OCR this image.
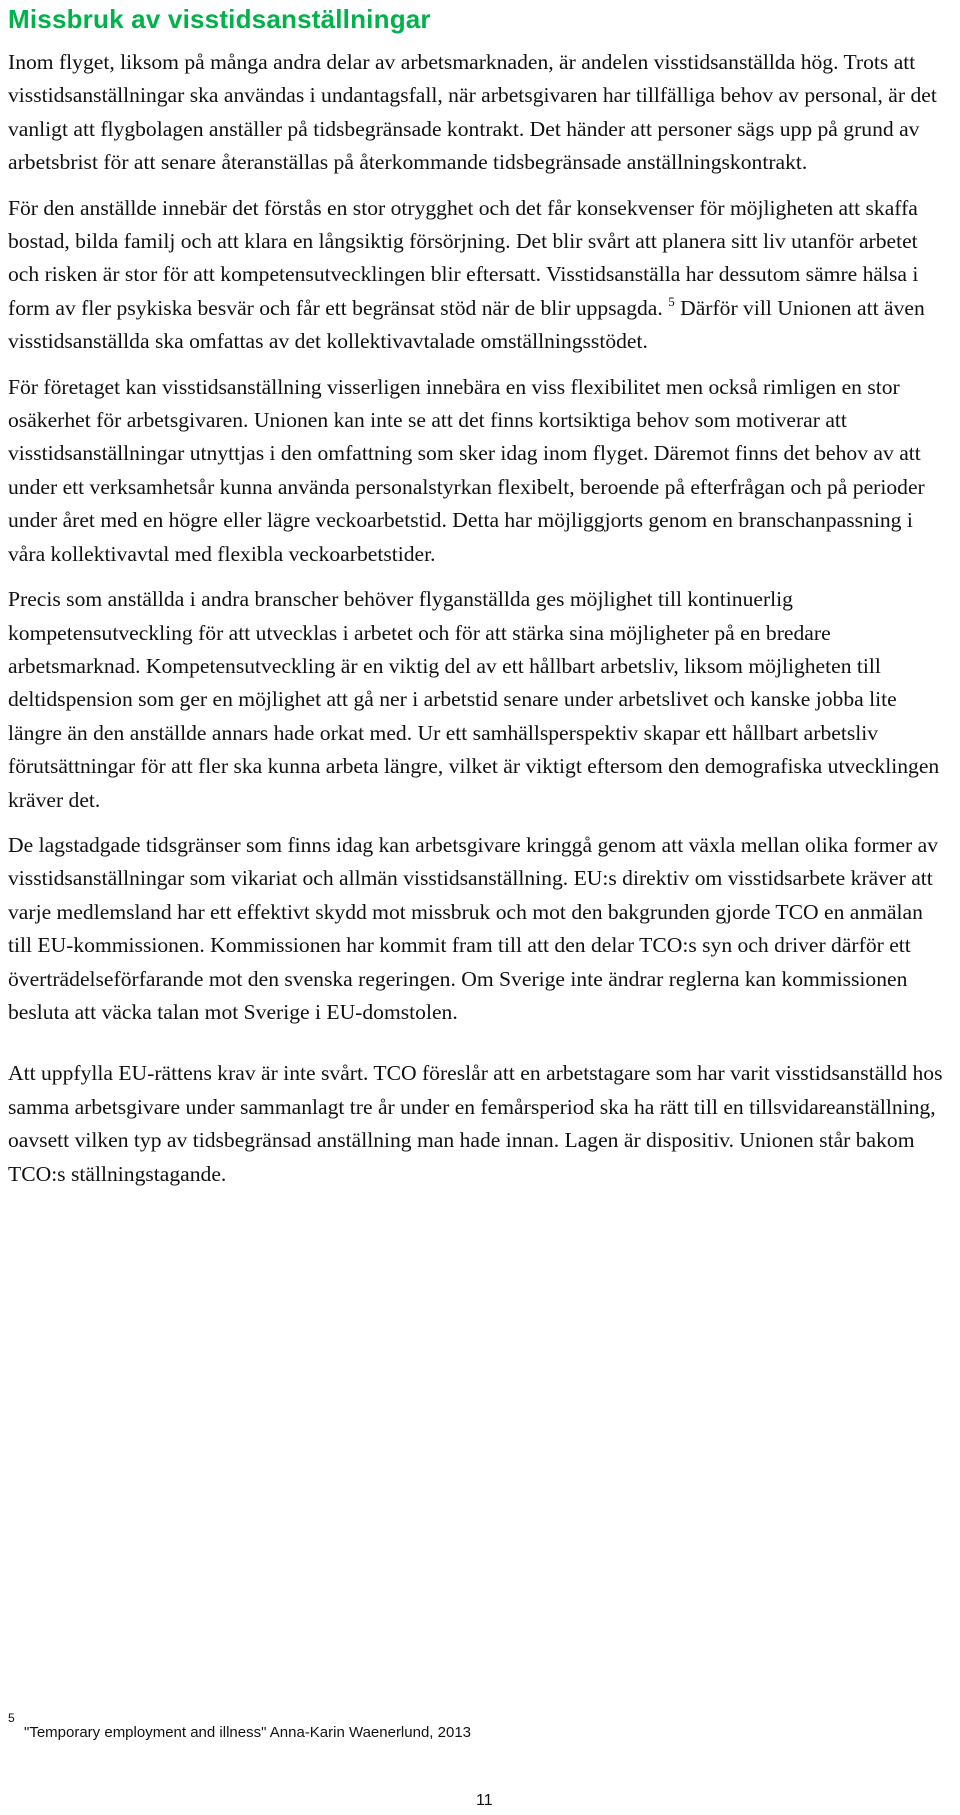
Missbruk av visstidsanställningar

Inom flyget, liksom på många andra delar av arbetsmarknaden, är andelen visstidsanställda hög. Trots att visstidsanställningar ska användas i undantagsfall, när arbetsgivaren har tillfälliga behov av personal, är det vanligt att flygbolagen anställer på tidsbegränsade kontrakt. Det händer att personer sägs upp på grund av arbetsbrist för att senare återanställas på återkommande tidsbegränsade anställningskontrakt.

För den anställde innebär det förstås en stor otrygghet och det får konsekvenser för möjligheten att skaffa bostad, bilda familj och att klara en långsiktig försörjning. Det blir svårt att planera sitt liv utanför arbetet och risken är stor för att kompetensutvecklingen blir eftersatt. Visstidsanställa har dessutom sämre hälsa i form av fler psykiska besvär och får ett begränsat stöd när de blir uppsagda. $^5$ Därför vill Unionen att även visstidsanställda ska omfattas av det kollektivavtalade omställningsstödet.

För företaget kan visstidsanställning visserligen innebära en viss flexibilitet men också rimligen en stor osäkerhet för arbetsgivaren. Unionen kan inte se att det finns kortsiktiga behov som motiverar att visstidsanställningar utnyttjas i den omfattning som sker idag inom flyget. Däremot finns det behov av att under ett verksamhetsår kunna använda personalstyrkan flexibelt, beroende på efterfrågan och på perioder under året med en högre eller lägre veckoarbetstid. Detta har möjliggjorts genom en branschanpassning i våra kollektivavtal med flexibla veckoarbetstider.

Precis som anställda i andra branscher behöver flyganställda ges möjlighet till kontinuerlig kompetensutveckling för att utvecklas i arbetet och för att stärka sina möjligheter på en bredare arbetsmarknad. Kompetensutveckling är en viktig del av ett hållbart arbetsliv, liksom möjligheten till deltidspension som ger en möjlighet att gå ner i arbetstid senare under arbetslivet och kanske jobba lite längre än den anställde annars hade orkat med. Ur ett samhällsperspektiv skapar ett hållbart arbetsliv förutsättningar för att fler ska kunna arbeta längre, vilket är viktigt eftersom den demografiska utvecklingen kräver det.

De lagstadgade tidsgränser som finns idag kan arbetsgivare kringgå genom att växla mellan olika former av visstidsanställningar som vikariat och allmän visstidsanställning. EU:s direktiv om visstidsarbete kräver att varje medlemsland har ett effektivt skydd mot missbruk och mot den bakgrunden gjorde TCO en anmälan till EU-kommissionen. Kommissionen har kommit fram till att den delar TCO:s syn och driver därför ett överträdelseförfarande mot den svenska regeringen. Om Sverige inte ändrar reglerna kan kommissionen besluta att väcka talan mot Sverige i EU-domstolen.

Att uppfylla EU-rättens krav är inte svårt. TCO föreslår att en arbetstagare som har varit visstidsanställd hos samma arbetsgivare under sammanlagt tre år under en femårsperiod ska ha rätt till en tillsvidareanställning, oavsett vilken typ av tidsbegränsad anställning man hade innan. Lagen är dispositiv. Unionen står bakom TCO:s ställningstagande.

5
"Temporary employment and illness" Anna-Karin Waenerlund, 2013
11
